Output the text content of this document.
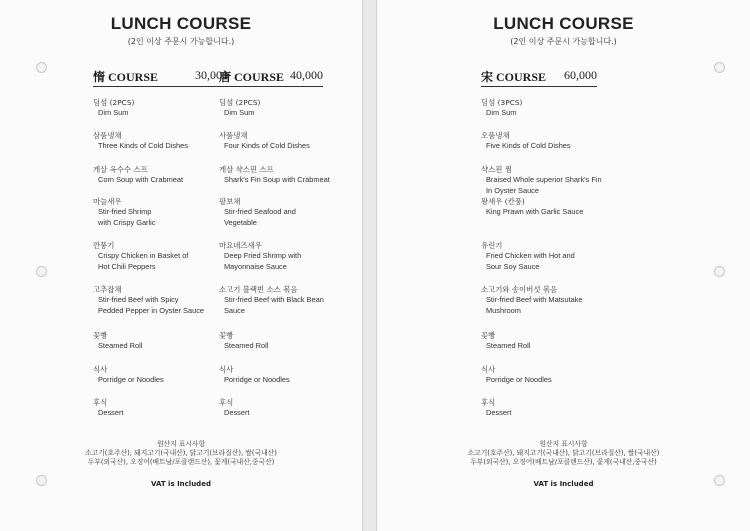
LUNCH COURSE
(2인 이상 주문시 가능합니다.)
惰 COURSE	30,000
딤섬 (2PCS)
Dim Sum
삼품냉채
Three Kinds of Cold Dishes
게살 옥수수 스프
Corn Soup with Crabmeat
마늘새우
Stir-fried Shrimp
with Crispy Garlic
깐풍기
Crispy Chicken in Basket of
Hot Chili Peppers
고추잡채
Stir-fried Beef with Spicy
Pedded Pepper in Oyster Sauce
꽃빵
Steamed Roll
식사
Porridge or Noodles
후식
Dessert
唐 COURSE 40,000
딤섬 (2PCS)
Dim Sum
사품냉채
Four Kinds of Cold Dishes
게살 샥스핀 스프
Shark's Fin Soup with Crabmeat
팔보채
Stir-fried Seafood and
Vegetable
마요네즈새우
Deep Fried Shrimp with
Mayonnaise Sauce
소고기 블랙빈 소스 볶음
Stir-fried Beef with Black Bean
Sauce
꽃빵
Steamed Roll
식사
Porridge or Noodles
후식
Dessert
원산지 표시사항
소고기(호주산), 돼지고기(국내산), 닭고기(브라질산), 쌀(국내산)
두부(외국산), 오징어(베트남/포클랜드산), 꽃게(국내산,중국산)
VAT is Included
LUNCH COURSE
(2인 이상 주문시 가능합니다.)
宋 COURSE 60,000
딤섬 (3PCS)
Dim Sum
오품냉채
Five Kinds of Cold Dishes
샥스핀 찜
Braised Whole superior Shark's Fin
In Oyster Sauce
왕새우 (칸풍)
King Prawn with Garlic Sauce
유린기
Fried Chicken with Hot and
Sour Soy Sauce
소고기와 송이버섯 볶음
Stir-fried Beef with Matsutake
Mushroom
꽃빵
Steamed Roll
식사
Porridge or Noodles
후식
Dessert
원산지 표시사항
소고기(호주산), 돼지고기(국내산), 닭고기(브라질산), 쌀(국내산)
두부(외국산), 오징어(베트남/포클랜드산), 꽃게(국내산,중국산)
VAT is Included
